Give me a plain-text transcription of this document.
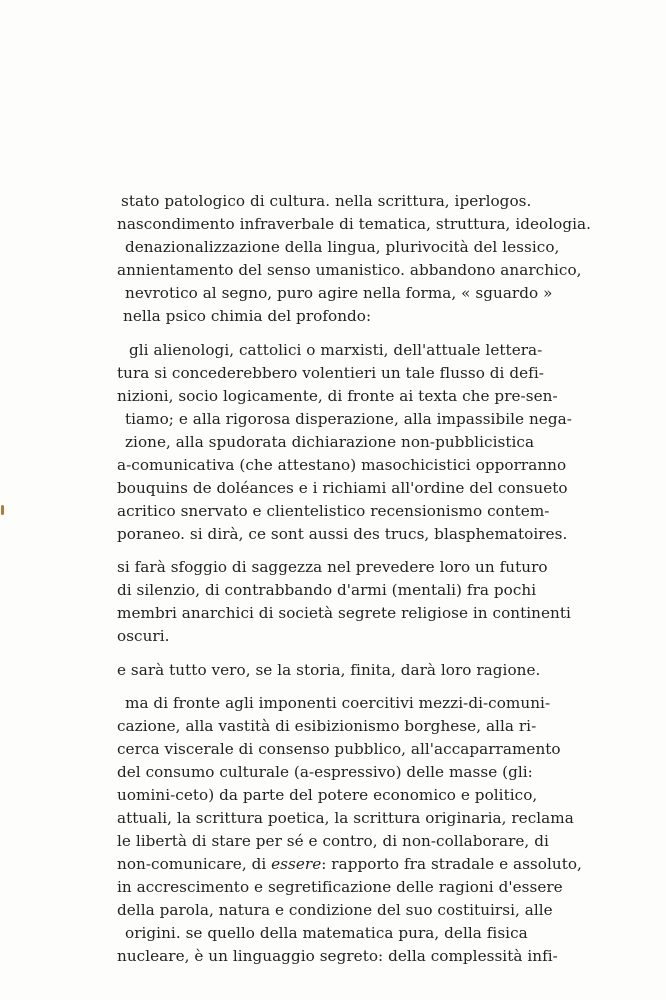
stato patologico di cultura. nella scrittura, iperlogos.
nascondimento infraverbale di tematica, struttura, ideologia.
denazionalizzazione della lingua, plurivocità del lessico,
annientamento del senso umanistico. abbandono anarchico,
nevrotico al segno, puro agire nella forma, « sguardo »
nella psico chimia del profondo:
gli alienologi, cattolici o marxisti, dell'attuale lettera-
tura si concederebbero volentieri un tale flusso di defi-
nizioni, socio logicamente, di fronte ai texta che pre-sen-
tiamo; e alla rigorosa disperazione, alla impassibile nega-
zione, alla spudorata dichiarazione non-pubblicistica
a-comunicativa (che attestano) masochicistici opporranno
bouquins de doléances e i richiami all'ordine del consueto
acritico snervato e clientelistico recensionismo contem-
poraneo. si dirà, ce sont aussi des trucs, blasphematoires.
si farà sfoggio di saggezza nel prevedere loro un futuro
di silenzio, di contrabbando d'armi (mentali) fra pochi
membri anarchici di società segrete religiose in continenti
oscuri.
e sarà tutto vero, se la storia, finita, darà loro ragione.
ma di fronte agli imponenti coercitivi mezzi-di-comuni-
cazione, alla vastità di esibizionismo borghese, alla ri-
cerca viscerale di consenso pubblico, all'accaparramento
del consumo culturale (a-espressivo) delle masse (gli:
uomini-ceto) da parte del potere economico e politico,
attuali, la scrittura poetica, la scrittura originaria, reclama
le libertà di stare per sé e contro, di non-collaborare, di
non-comunicare, di essere: rapporto fra stradale e assoluto,
in accrescimento e segretificazione delle ragioni d'essere
della parola, natura e condizione del suo costituirsi, alle
origini. se quello della matematica pura, della fisica
nucleare, è un linguaggio segreto: della complessità infi-
